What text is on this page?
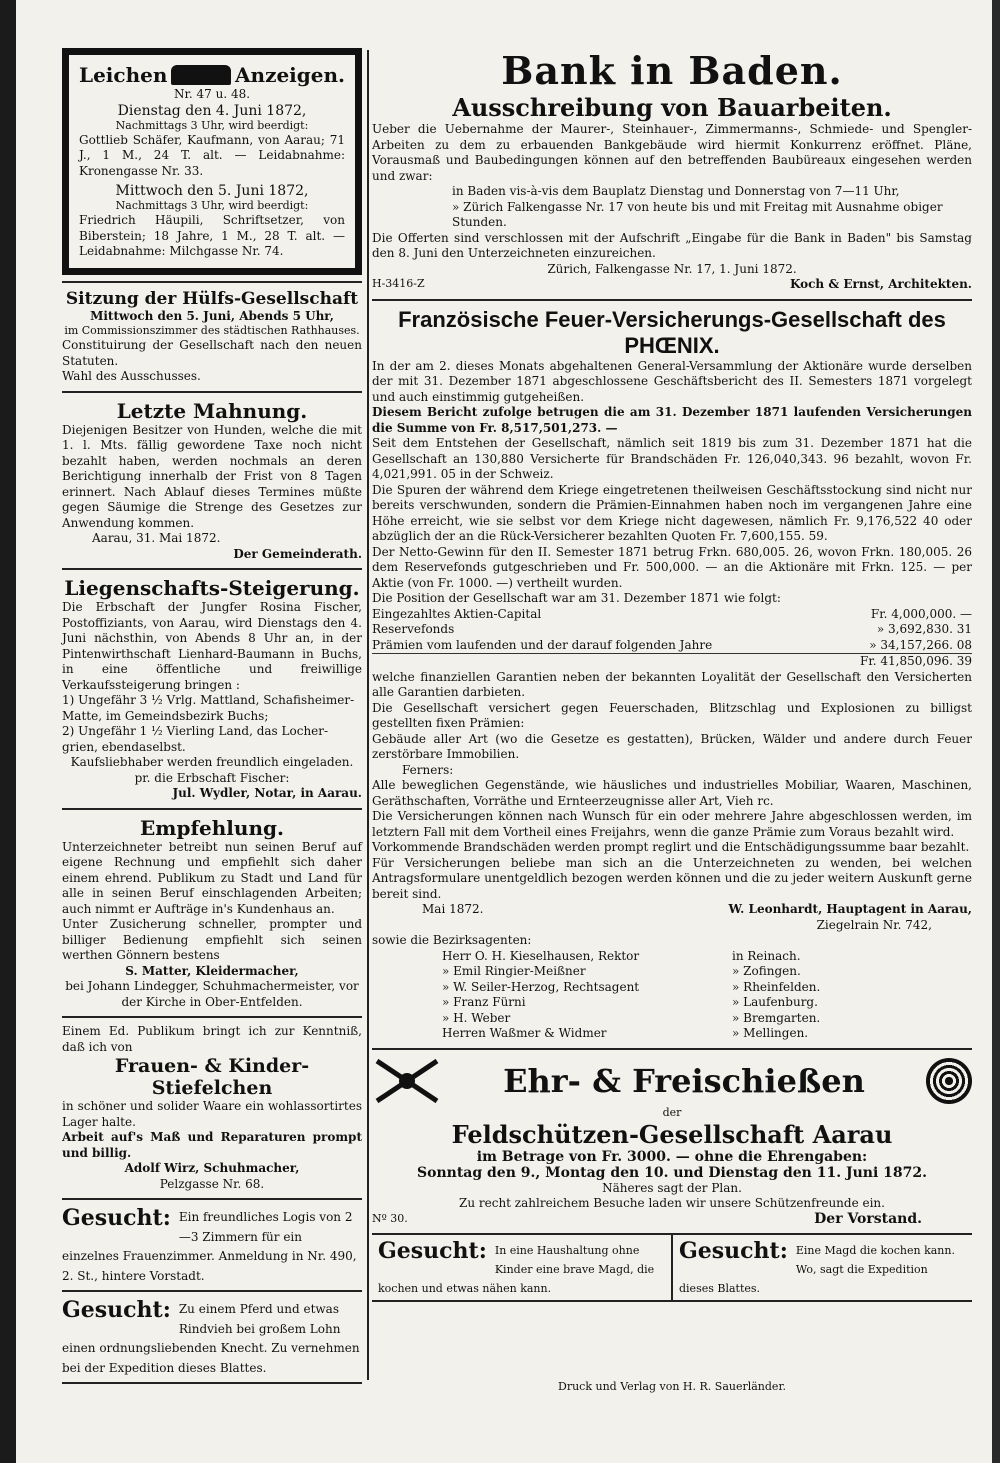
Leichen	Anzeigen.

Nr. 47 u. 48.

Dienstag den 4. Juni 1872,

Nachmittags 3 Uhr, wird beerdigt:

Gottlieb Schäfer, Kaufmann, von Aarau; 71 J., 1 M., 24 T. alt. — Leidabnahme: Kronengasse Nr. 33.

Mittwoch den 5. Juni 1872,

Nachmittags 3 Uhr, wird beerdigt:

Friedrich Häupili, Schriftsetzer, von Biberstein; 18 Jahre, 1 M., 28 T. alt. — Leidabnahme: Milchgasse Nr. 74.

Sitzung der Hülfs-Gesellschaft

Mittwoch den 5. Juni, Abends 5 Uhr,

im Commissionszimmer des städtischen Rathhauses.

Constituirung der Gesellschaft nach den neuen Statuten.

Wahl des Ausschusses.

Letzte Mahnung.

Diejenigen Besitzer von Hunden, welche die mit 1. l. Mts. fällig gewordene Taxe noch nicht bezahlt haben, werden nochmals an deren Berichtigung innerhalb der Frist von 8 Tagen erinnert. Nach Ablauf dieses Termines müßte gegen Säumige die Strenge des Gesetzes zur Anwendung kommen.

Aarau, 31. Mai 1872.

Der Gemeinderath.

Liegenschafts-Steigerung.

Die Erbschaft der Jungfer Rosina Fischer, Postoffiziants, von Aarau, wird Dienstags den 4. Juni nächsthin, von Abends 8 Uhr an, in der Pintenwirthschaft Lienhard-Baumann in Buchs, in eine öffentliche und freiwillige Verkaufssteigerung bringen :

1) Ungefähr 3 ½ Vrlg. Mattland, Schafisheimer-Matte, im Gemeindsbezirk Buchs;

2) Ungefähr 1 ½ Vierling Land, das Locher-grien, ebendaselbst.

Kaufsliebhaber werden freundlich eingeladen.

pr. die Erbschaft Fischer:

Jul. Wydler, Notar, in Aarau.

Empfehlung.

Unterzeichneter betreibt nun seinen Beruf auf eigene Rechnung und empfiehlt sich daher einem ehrend. Publikum zu Stadt und Land für alle in seinen Beruf einschlagenden Arbeiten; auch nimmt er Aufträge in's Kundenhaus an.

Unter Zusicherung schneller, prompter und billiger Bedienung empfiehlt sich seinen werthen Gönnern bestens

S. Matter, Kleidermacher,

bei Johann Lindegger, Schuhmachermeister, vor der Kirche in Ober-Entfelden.

Einem Ed. Publikum bringt ich zur Kenntniß, daß ich von

Frauen- & Kinder-Stiefelchen

in schöner und solider Waare ein wohlassortirtes Lager halte.

Arbeit auf's Maß und Reparaturen prompt und billig.

Adolf Wirz, Schuhmacher,

Pelzgasse Nr. 68.

Gesucht: Ein freundliches Logis von 2—3 Zimmern für ein einzelnes Frauenzimmer. Anmeldung in Nr. 490, 2. St., hintere Vorstadt.
Gesucht: Zu einem Pferd und etwas Rindvieh bei großem Lohn einen ordnungsliebenden Knecht. Zu vernehmen bei der Expedition dieses Blattes.

Bank in Baden.

Ausschreibung von Bauarbeiten.

Ueber die Uebernahme der Maurer-, Steinhauer-, Zimmermanns-, Schmiede- und Spengler-Arbeiten zu dem zu erbauenden Bankgebäude wird hiermit Konkurrenz eröffnet. Pläne, Vorausmaß und Baubedingungen können auf den betreffenden Baubüreaux eingesehen werden und zwar:

in Baden vis-à-vis dem Bauplatz Dienstag und Donnerstag von 7—11 Uhr,

» Zürich Falkengasse Nr. 17 von heute bis und mit Freitag mit Ausnahme obiger Stunden.

Die Offerten sind verschlossen mit der Aufschrift „Eingabe für die Bank in Baden" bis Samstag den 8. Juni den Unterzeichneten einzureichen.

Zürich, Falkengasse Nr. 17, 1. Juni 1872.

H-3416-Z	Koch & Ernst, Architekten.

Französische Feuer-Versicherungs-Gesellschaft des

PHŒNIX.

In der am 2. dieses Monats abgehaltenen General-Versammlung der Aktionäre wurde derselben der mit 31. Dezember 1871 abgeschlossene Geschäftsbericht des II. Semesters 1871 vorgelegt und auch einstimmig gutgeheißen.

Diesem Bericht zufolge betrugen die am 31. Dezember 1871 laufenden Versicherungen die Summe von Fr. 8,517,501,273. —

Seit dem Entstehen der Gesellschaft, nämlich seit 1819 bis zum 31. Dezember 1871 hat die Gesellschaft an 130,880 Versicherte für Brandschäden Fr. 126,040,343. 96 bezahlt, wovon Fr. 4,021,991. 05 in der Schweiz.

Die Spuren der während dem Kriege eingetretenen theilweisen Geschäftsstockung sind nicht nur bereits verschwunden, sondern die Prämien-Einnahmen haben noch im vergangenen Jahre eine Höhe erreicht, wie sie selbst vor dem Kriege nicht dagewesen, nämlich Fr. 9,176,522 40 oder abzüglich der an die Rück-Versicherer bezahlten Quoten Fr. 7,600,155. 59.

Der Netto-Gewinn für den II. Semester 1871 betrug Frkn. 680,005. 26, wovon Frkn. 180,005. 26 dem Reservefonds gutgeschrieben und Fr. 500,000. — an die Aktionäre mit Frkn. 125. — per Aktie (von Fr. 1000. —) vertheilt wurden.

Die Position der Gesellschaft war am 31. Dezember 1871 wie folgt:

Eingezahltes Aktien-Capital	Fr. 4,000,000. —
Reservefonds	» 3,692,830. 31
Prämien vom laufenden und der darauf folgenden Jahre	» 34,157,266. 08
Fr. 41,850,096. 39

welche finanziellen Garantien neben der bekannten Loyalität der Gesellschaft den Versicherten alle Garantien darbieten.

Die Gesellschaft versichert gegen Feuerschaden, Blitzschlag und Explosionen zu billigst gestellten fixen Prämien:

Gebäude aller Art (wo die Gesetze es gestatten), Brücken, Wälder und andere durch Feuer zerstörbare Immobilien.

Ferners:

Alle beweglichen Gegenstände, wie häusliches und industrielles Mobiliar, Waaren, Maschinen, Geräthschaften, Vorräthe und Ernteerzeugnisse aller Art, Vieh rc.

Die Versicherungen können nach Wunsch für ein oder mehrere Jahre abgeschlossen werden, im letztern Fall mit dem Vortheil eines Freijahrs, wenn die ganze Prämie zum Voraus bezahlt wird.

Vorkommende Brandschäden werden prompt reglirt und die Entschädigungssumme baar bezahlt.

Für Versicherungen beliebe man sich an die Unterzeichneten zu wenden, bei welchen Antragsformulare unentgeldlich bezogen werden können und die zu jeder weitern Auskunft gerne bereit sind.

Mai 1872.	W. Leonhardt, Hauptagent in Aarau,

Ziegelrain Nr. 742,

sowie die Bezirksagenten:

Herr O. H. Kieselhausen, Rektor	in Reinach.
» Emil Ringier-Meißner	» Zofingen.
» W. Seiler-Herzog, Rechtsagent	» Rheinfelden.
» Franz Fürni	» Laufenburg.
» H. Weber	» Bremgarten.
Herren Waßmer & Widmer	» Mellingen.
Ehr- & Freischießen

der

Feldschützen-Gesellschaft Aarau

im Betrage von Fr. 3000. — ohne die Ehrengaben:

Sonntag den 9., Montag den 10. und Dienstag den 11. Juni 1872.

Näheres sagt der Plan.

Zu recht zahlreichem Besuche laden wir unsere Schützenfreunde ein.

Nº 30.	Der Vorstand.
Gesucht: In eine Haushaltung ohne Kinder eine brave Magd, die kochen und etwas nähen kann.
Gesucht: Eine Magd die kochen kann. Wo, sagt die Expedition dieses Blattes.
Druck und Verlag von H. R. Sauerländer.
